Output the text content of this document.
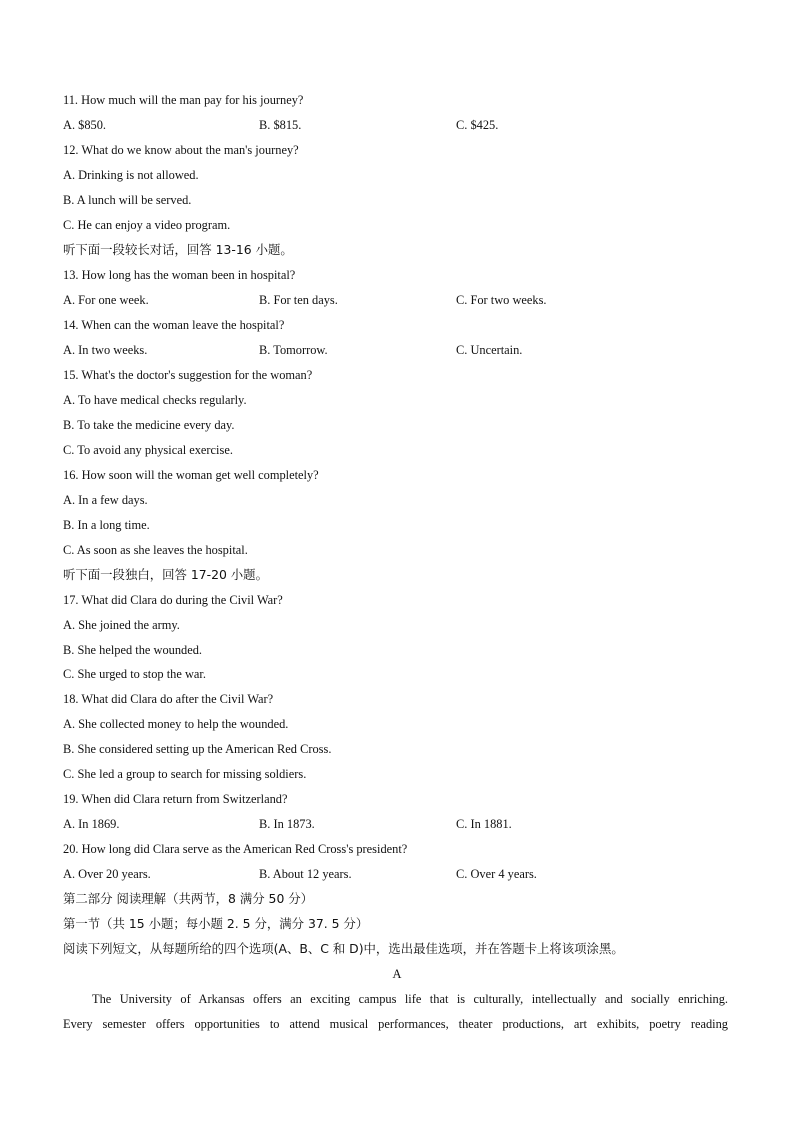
11. How much will the man pay for his journey?
A. $850.	B. $815.	C. $425.
12. What do we know about the man's journey?
A. Drinking is not allowed.
B. A lunch will be served.
C. He can enjoy a video program.
听下面一段较长对话，回答 13-16 小题。
13. How long has the woman been in hospital?
A. For one week.	B. For ten days.	C. For two weeks.
14. When can the woman leave the hospital?
A. In two weeks.	B. Tomorrow.	C. Uncertain.
15. What's the doctor's suggestion for the woman?
A. To have medical checks regularly.
B. To take the medicine every day.
C. To avoid any physical exercise.
16. How soon will the woman get well completely?
A. In a few days.
B. In a long time.
C. As soon as she leaves the hospital.
听下面一段独白，回答 17-20 小题。
17. What did Clara do during the Civil War?
A. She joined the army.
B. She helped the wounded.
C. She urged to stop the war.
18. What did Clara do after the Civil War?
A. She collected money to help the wounded.
B. She considered setting up the American Red Cross.
C. She led a group to search for missing soldiers.
19. When did Clara return from Switzerland?
A. In 1869.	B. In 1873.	C. In 1881.
20. How long did Clara serve as the American Red Cross's president?
A. Over 20 years.	B. About 12 years.	C. Over 4 years.
第二部分 阅读理解（共两节，8 满分 50 分）
第一节（共 15 小题；每小题 2. 5 分，满分 37. 5 分）
阅读下列短文，从每题所给的四个选项(A、B、C 和 D)中，选出最佳选项，并在答题卡上将该项涂黑。
A
The University of Arkansas offers an exciting campus life that is culturally, intellectually and socially enriching.
Every semester offers opportunities to attend musical performances, theater productions, art exhibits, poetry reading
